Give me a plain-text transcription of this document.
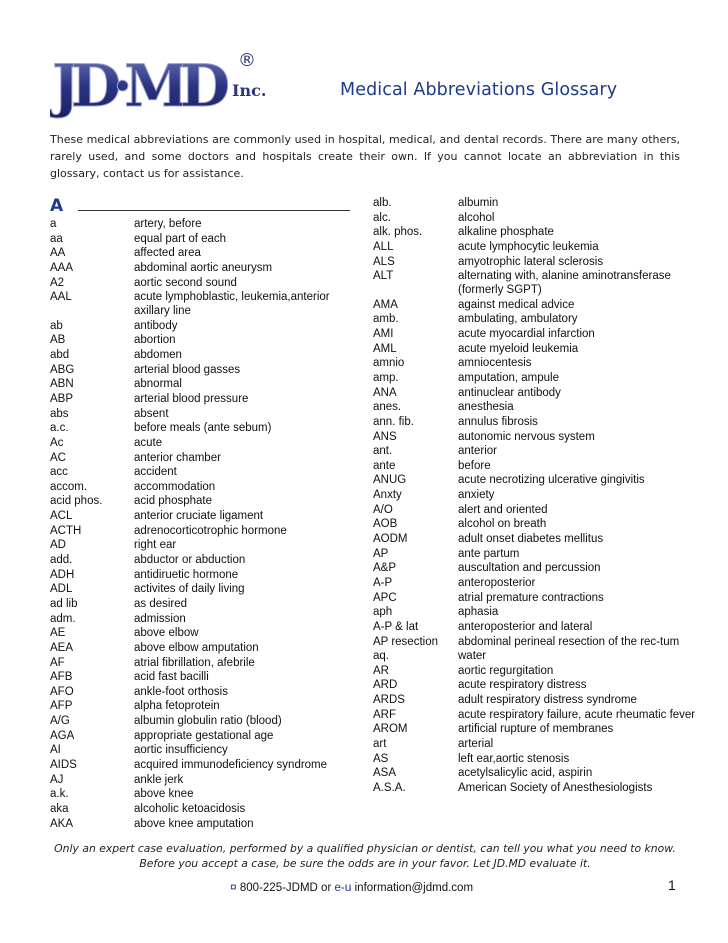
JD·MD ®
Inc.	Medical Abbreviations Glossary
These medical abbreviations are commonly used in hospital, medical, and dental records. There are many others, rarely used, and some doctors and hospitals create their own. If you cannot locate an abbreviation in this glossary, contact us for assistance.
A
a	artery, before
aa	equal part of each
AA	affected area
AAA	abdominal aortic aneurysm
A2	aortic second sound
AAL	acute lymphoblastic, leukemia,anterior axillary line
ab	antibody
AB	abortion
abd	abdomen
ABG	arterial blood gasses
ABN	abnormal
ABP	arterial blood pressure
abs	absent
a.c.	before meals (ante sebum)
Ac	acute
AC	anterior chamber
acc	accident
accom.	accommodation
acid phos.	acid phosphate
ACL	anterior cruciate ligament
ACTH	adrenocorticotrophic hormone
AD	right ear
add.	abductor or abduction
ADH	antidiruetic hormone
ADL	activites of daily living
ad lib	as desired
adm.	admission
AE	above elbow
AEA	above elbow amputation
AF	atrial fibrillation, afebrile
AFB	acid fast bacilli
AFO	ankle-foot orthosis
AFP	alpha fetoprotein
A/G	albumin globulin ratio (blood)
AGA	appropriate gestational age
AI	aortic insufficiency
AIDS	acquired immunodeficiency syndrome
AJ	ankle jerk
a.k.	above knee
aka	alcoholic ketoacidosis
AKA	above knee amputation
alb.	albumin
alc.	alcohol
alk. phos.	alkaline phosphate
ALL	acute lymphocytic leukemia
ALS	amyotrophic lateral sclerosis
ALT	alternating with, alanine aminotransferase (formerly SGPT)
AMA	against medical advice
amb.	ambulating, ambulatory
AMI	acute myocardial infarction
AML	acute myeloid leukemia
amnio	amniocentesis
amp.	amputation, ampule
ANA	antinuclear antibody
anes.	anesthesia
ann. fib.	annulus fibrosis
ANS	autonomic nervous system
ant.	anterior
ante	before
ANUG	acute necrotizing ulcerative gingivitis
Anxty	anxiety
A/O	alert and oriented
AOB	alcohol on breath
AODM	adult onset diabetes mellitus
AP	ante partum
A&P	auscultation and percussion
A-P	anteroposterior
APC	atrial premature contractions
aph	aphasia
A-P & lat	anteroposterior and lateral
AP resection	abdominal perineal resection of the rec-tum
aq.	water
AR	aortic regurgitation
ARD	acute respiratory distress
ARDS	adult respiratory distress syndrome
ARF	acute respiratory failure, acute rheumatic fever
AROM	artificial rupture of membranes
art	arterial
AS	left ear,aortic stenosis
ASA	acetylsalicylic acid, aspirin
A.S.A.	American Society of Anesthesiologists
Only an expert case evaluation, performed by a qualified physician or dentist, can tell you what you need to know.
Before you accept a case, be sure the odds are in your favor. Let JD.MD evaluate it.
¤ 800-225-JDMD or e-u information@jdmd.com	1
